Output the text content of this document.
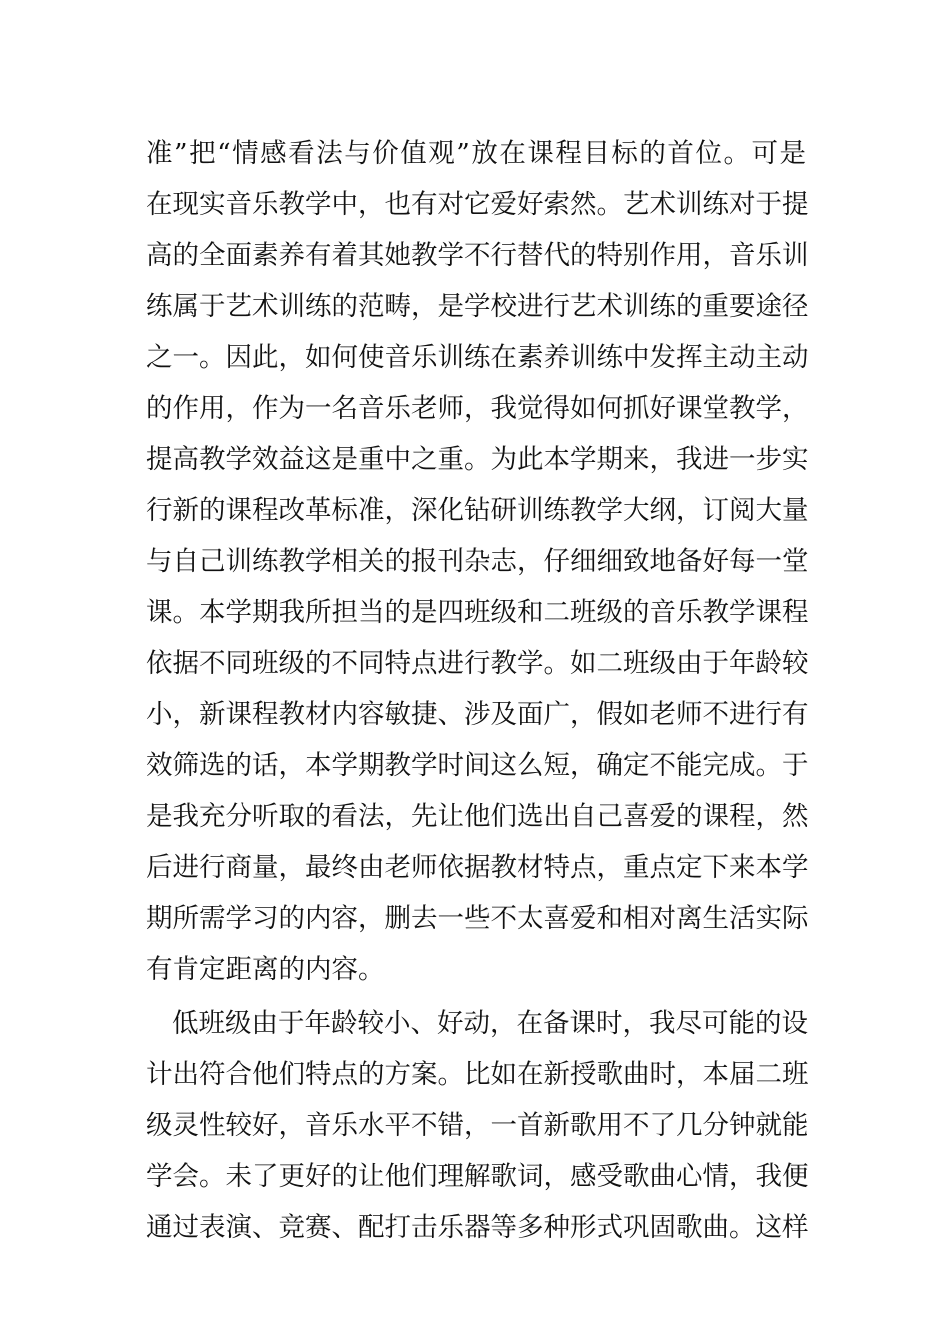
准”把“情感看法与价值观”放在课程目标的首位。可是
在现实音乐教学中，也有对它爱好索然。艺术训练对于提
高的全面素养有着其她教学不行替代的特别作用，音乐训
练属于艺术训练的范畴，是学校进行艺术训练的重要途径
之一。因此，如何使音乐训练在素养训练中发挥主动主动
的作用，作为一名音乐老师，我觉得如何抓好课堂教学，
提高教学效益这是重中之重。为此本学期来，我进一步实
行新的课程改革标准，深化钻研训练教学大纲，订阅大量
与自己训练教学相关的报刊杂志，仔细细致地备好每一堂
课。本学期我所担当的是四班级和二班级的音乐教学课程
依据不同班级的不同特点进行教学。如二班级由于年龄较
小，新课程教材内容敏捷、涉及面广，假如老师不进行有
效筛选的话，本学期教学时间这么短，确定不能完成。于
是我充分听取的看法，先让他们选出自己喜爱的课程，然
后进行商量，最终由老师依据教材特点，重点定下来本学
期所需学习的内容，删去一些不太喜爱和相对离生活实际
有肯定距离的内容。
低班级由于年龄较小、好动，在备课时，我尽可能的设
计出符合他们特点的方案。比如在新授歌曲时，本届二班
级灵性较好，音乐水平不错，一首新歌用不了几分钟就能
学会。未了更好的让他们理解歌词，感受歌曲心情，我便
通过表演、竞赛、配打击乐器等多种形式巩固歌曲。这样
